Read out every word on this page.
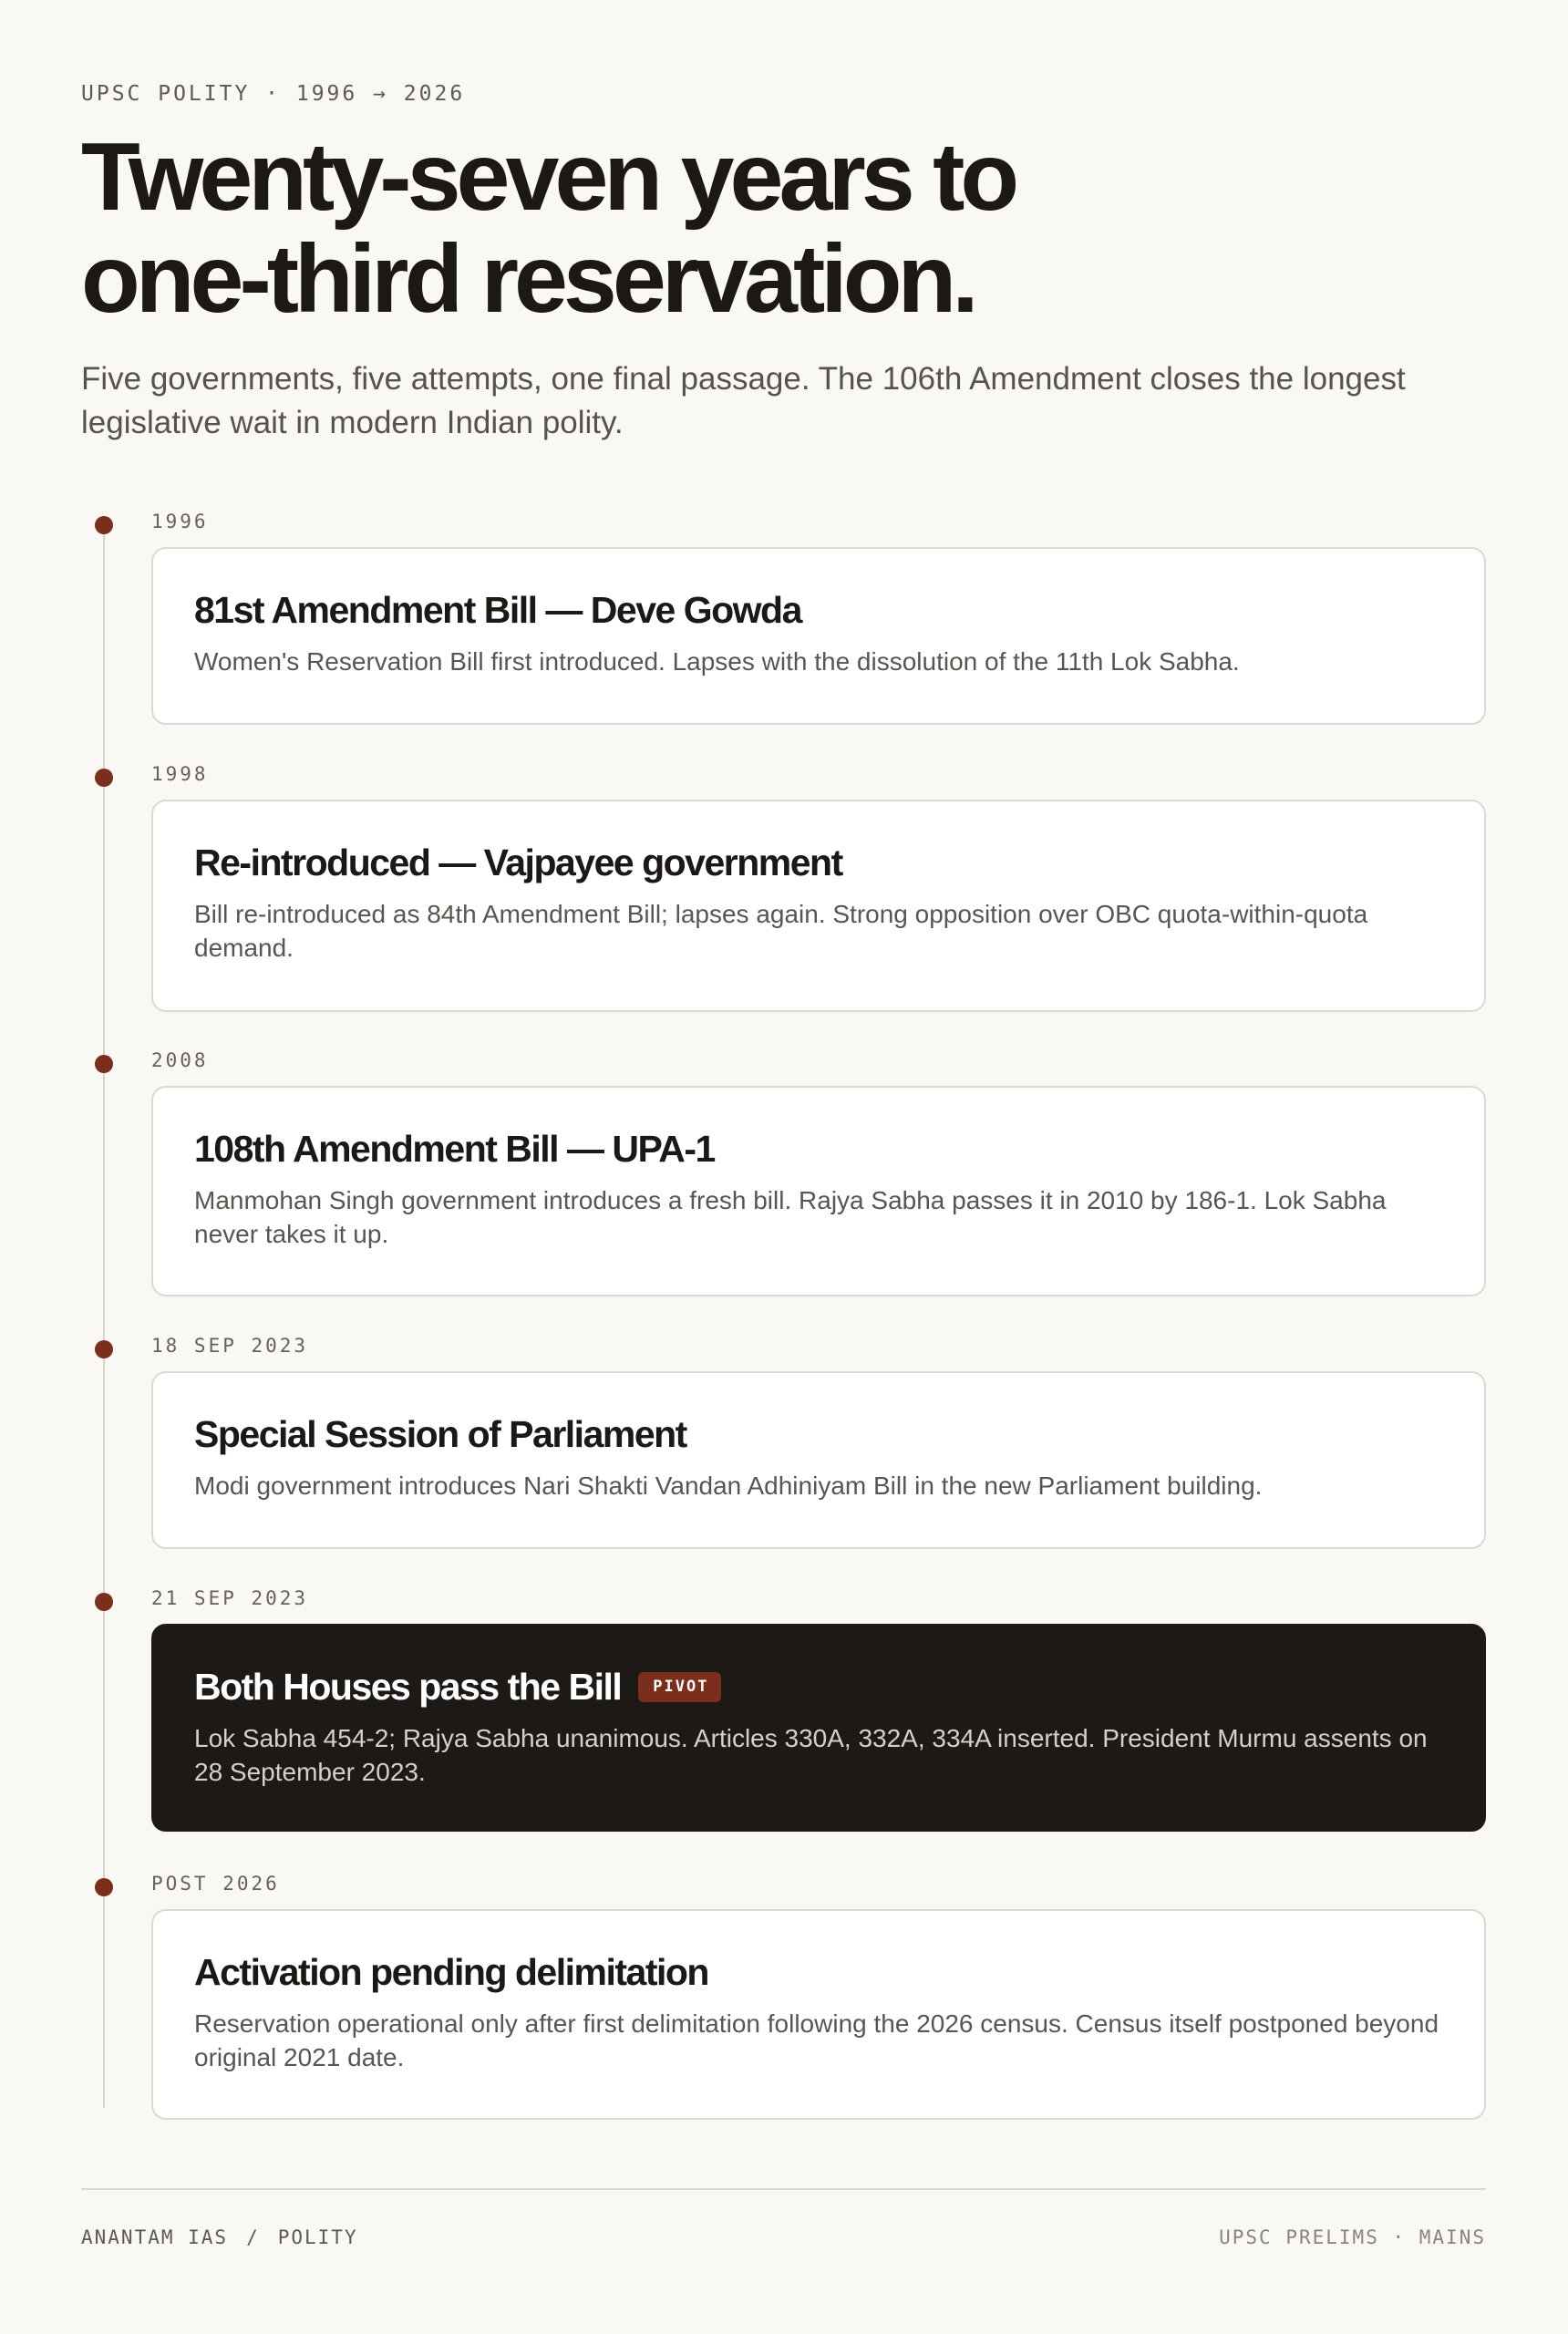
UPSC POLITY · 1996 → 2026
Twenty-seven years to
one-third reservation.

Five governments, five attempts, one final passage. The 106th Amendment closes the longest legislative wait in modern Indian polity.

1996
81st Amendment Bill — Deve Gowda
Women's Reservation Bill first introduced. Lapses with the dissolution of the 11th Lok Sabha.
1998
Re-introduced — Vajpayee government
Bill re-introduced as 84th Amendment Bill; lapses again. Strong opposition over OBC quota-within-quota demand.
2008
108th Amendment Bill — UPA-1
Manmohan Singh government introduces a fresh bill. Rajya Sabha passes it in 2010 by 186-1. Lok Sabha never takes it up.
18 SEP 2023
Special Session of Parliament
Modi government introduces Nari Shakti Vandan Adhiniyam Bill in the new Parliament building.
21 SEP 2023
Both Houses pass the Bill	PIVOT
Lok Sabha 454-2; Rajya Sabha unanimous. Articles 330A, 332A, 334A inserted. President Murmu assents on 28 September 2023.
POST 2026
Activation pending delimitation
Reservation operational only after first delimitation following the 2026 census. Census itself postponed beyond original 2021 date.
ANANTAM IAS / POLITY	UPSC PRELIMS · MAINS
